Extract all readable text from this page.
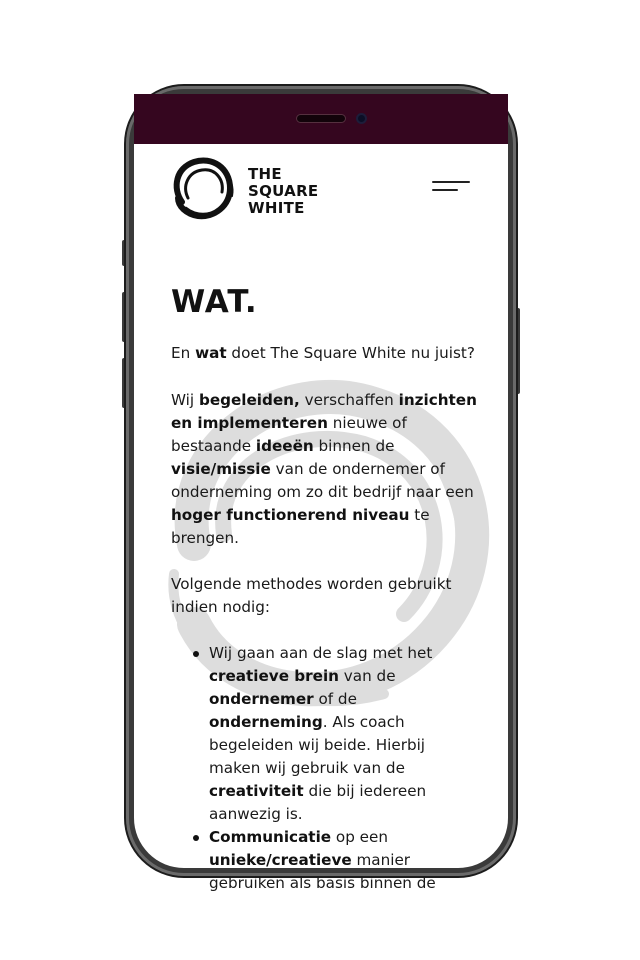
THE
SQUARE
WHITE
WAT.

En wat doet The Square White nu juist?

Wij begeleiden, verschaffen inzichten en implementeren nieuwe of bestaande ideeën binnen de visie/missie van de ondernemer of onderneming om zo dit bedrijf naar een hoger functionerend niveau te brengen.

Volgende methodes worden gebruikt indien nodig:

Wij gaan aan de slag met het creatieve brein van de ondernemer of de onderneming. Als coach begeleiden wij beide. Hierbij maken wij gebruik van de creativiteit die bij iedereen aanwezig is.
Communicatie op een unieke/creatieve manier gebruiken als basis binnen de
